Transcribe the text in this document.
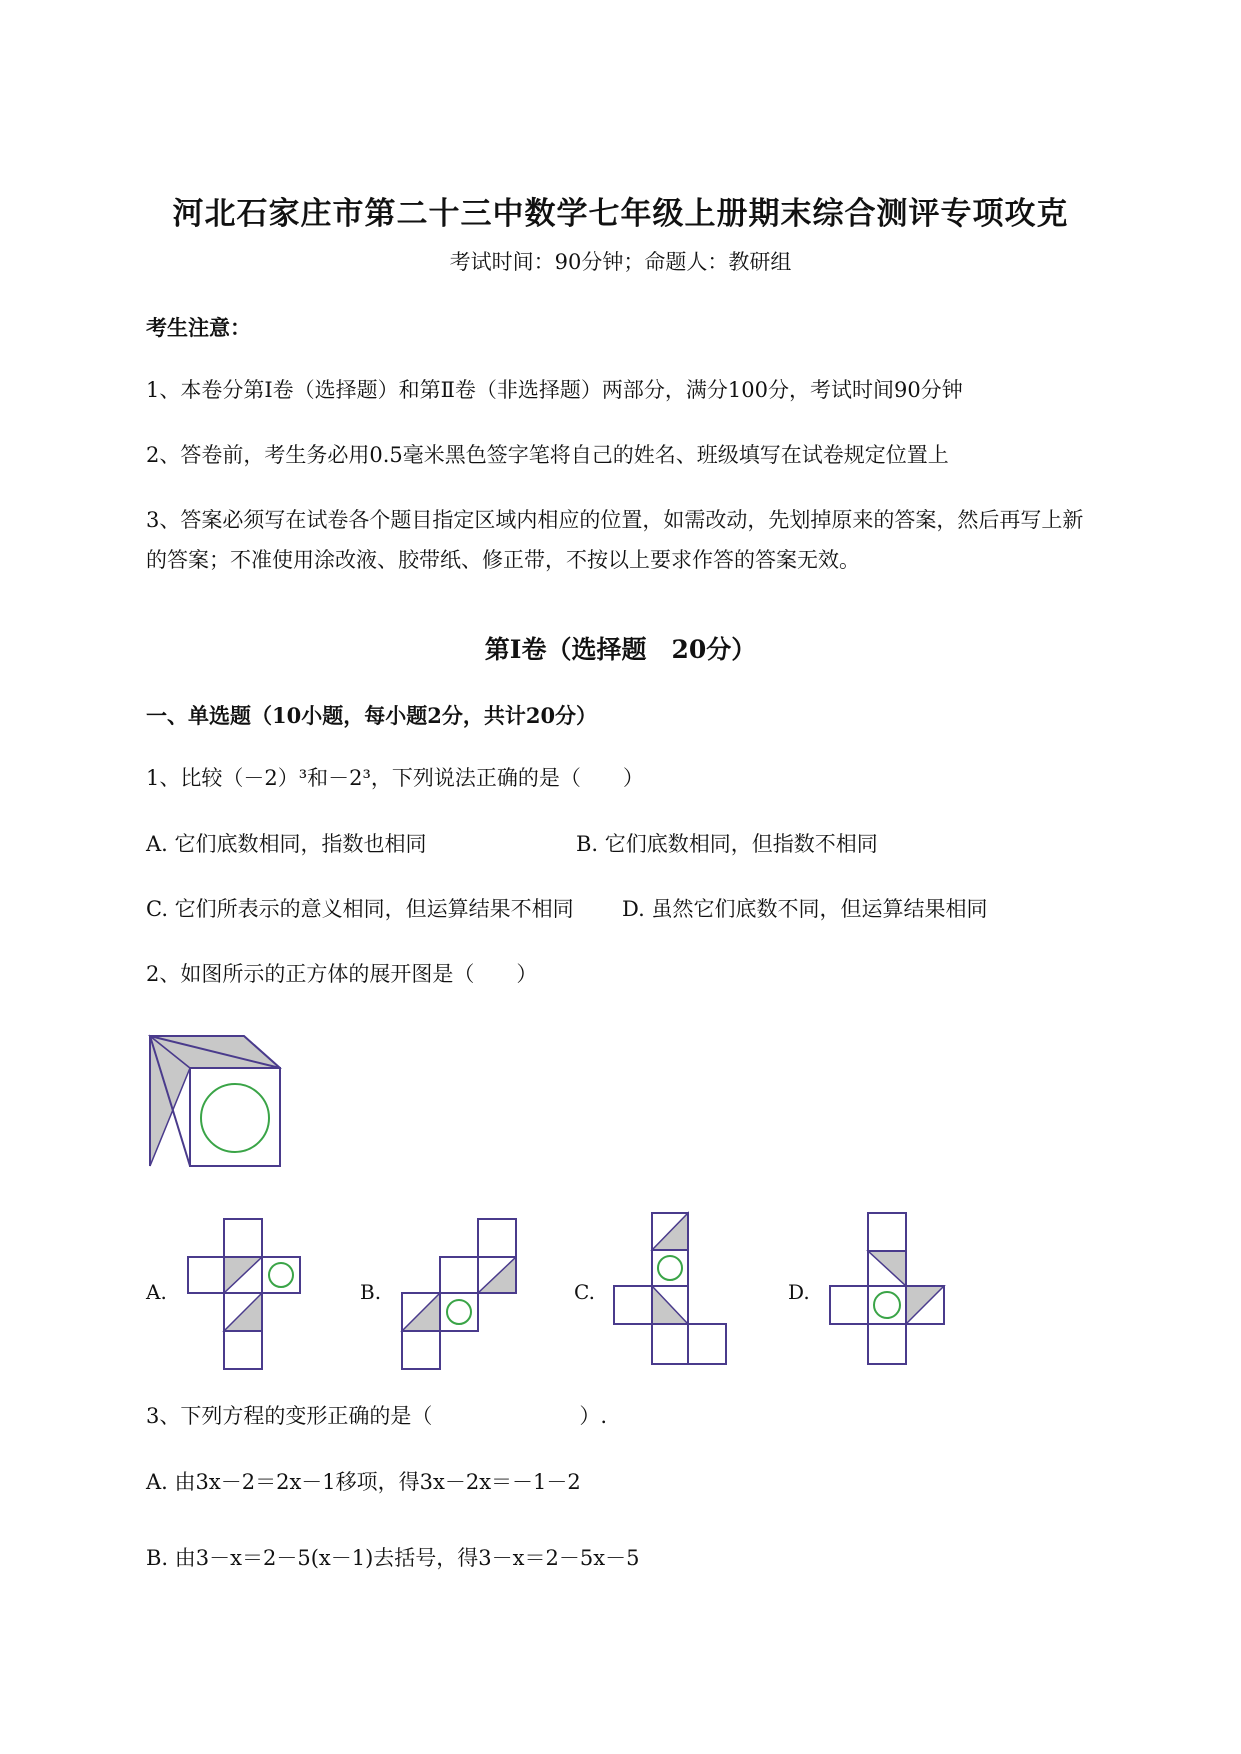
河北石家庄市第二十三中数学七年级上册期末综合测评专项攻克
考试时间：90分钟；命题人：教研组
考生注意：
1、本卷分第I卷（选择题）和第Ⅱ卷（非选择题）两部分，满分100分，考试时间90分钟
2、答卷前，考生务必用0.5毫米黑色签字笔将自己的姓名、班级填写在试卷规定位置上
3、答案必须写在试卷各个题目指定区域内相应的位置，如需改动，先划掉原来的答案，然后再写上新
的答案；不准使用涂改液、胶带纸、修正带，不按以上要求作答的答案无效。
第I卷（选择题　20分）
一、单选题（10小题，每小题2分，共计20分）
1、比较（－2）³和－2³，下列说法正确的是（　　）
A. 它们底数相同，指数也相同	B. 它们底数相同，但指数不相同
C. 它们所表示的意义相同，但运算结果不相同 D. 虽然它们底数不同，但运算结果相同
2、如图所示的正方体的展开图是（　　）
A.	B.	C.	D.
3、下列方程的变形正确的是（　　　　　　　）.
A. 由3x－2＝2x－1移项，得3x－2x＝－1－2
B. 由3－x＝2－5(x－1)去括号，得3－x＝2－5x－5
